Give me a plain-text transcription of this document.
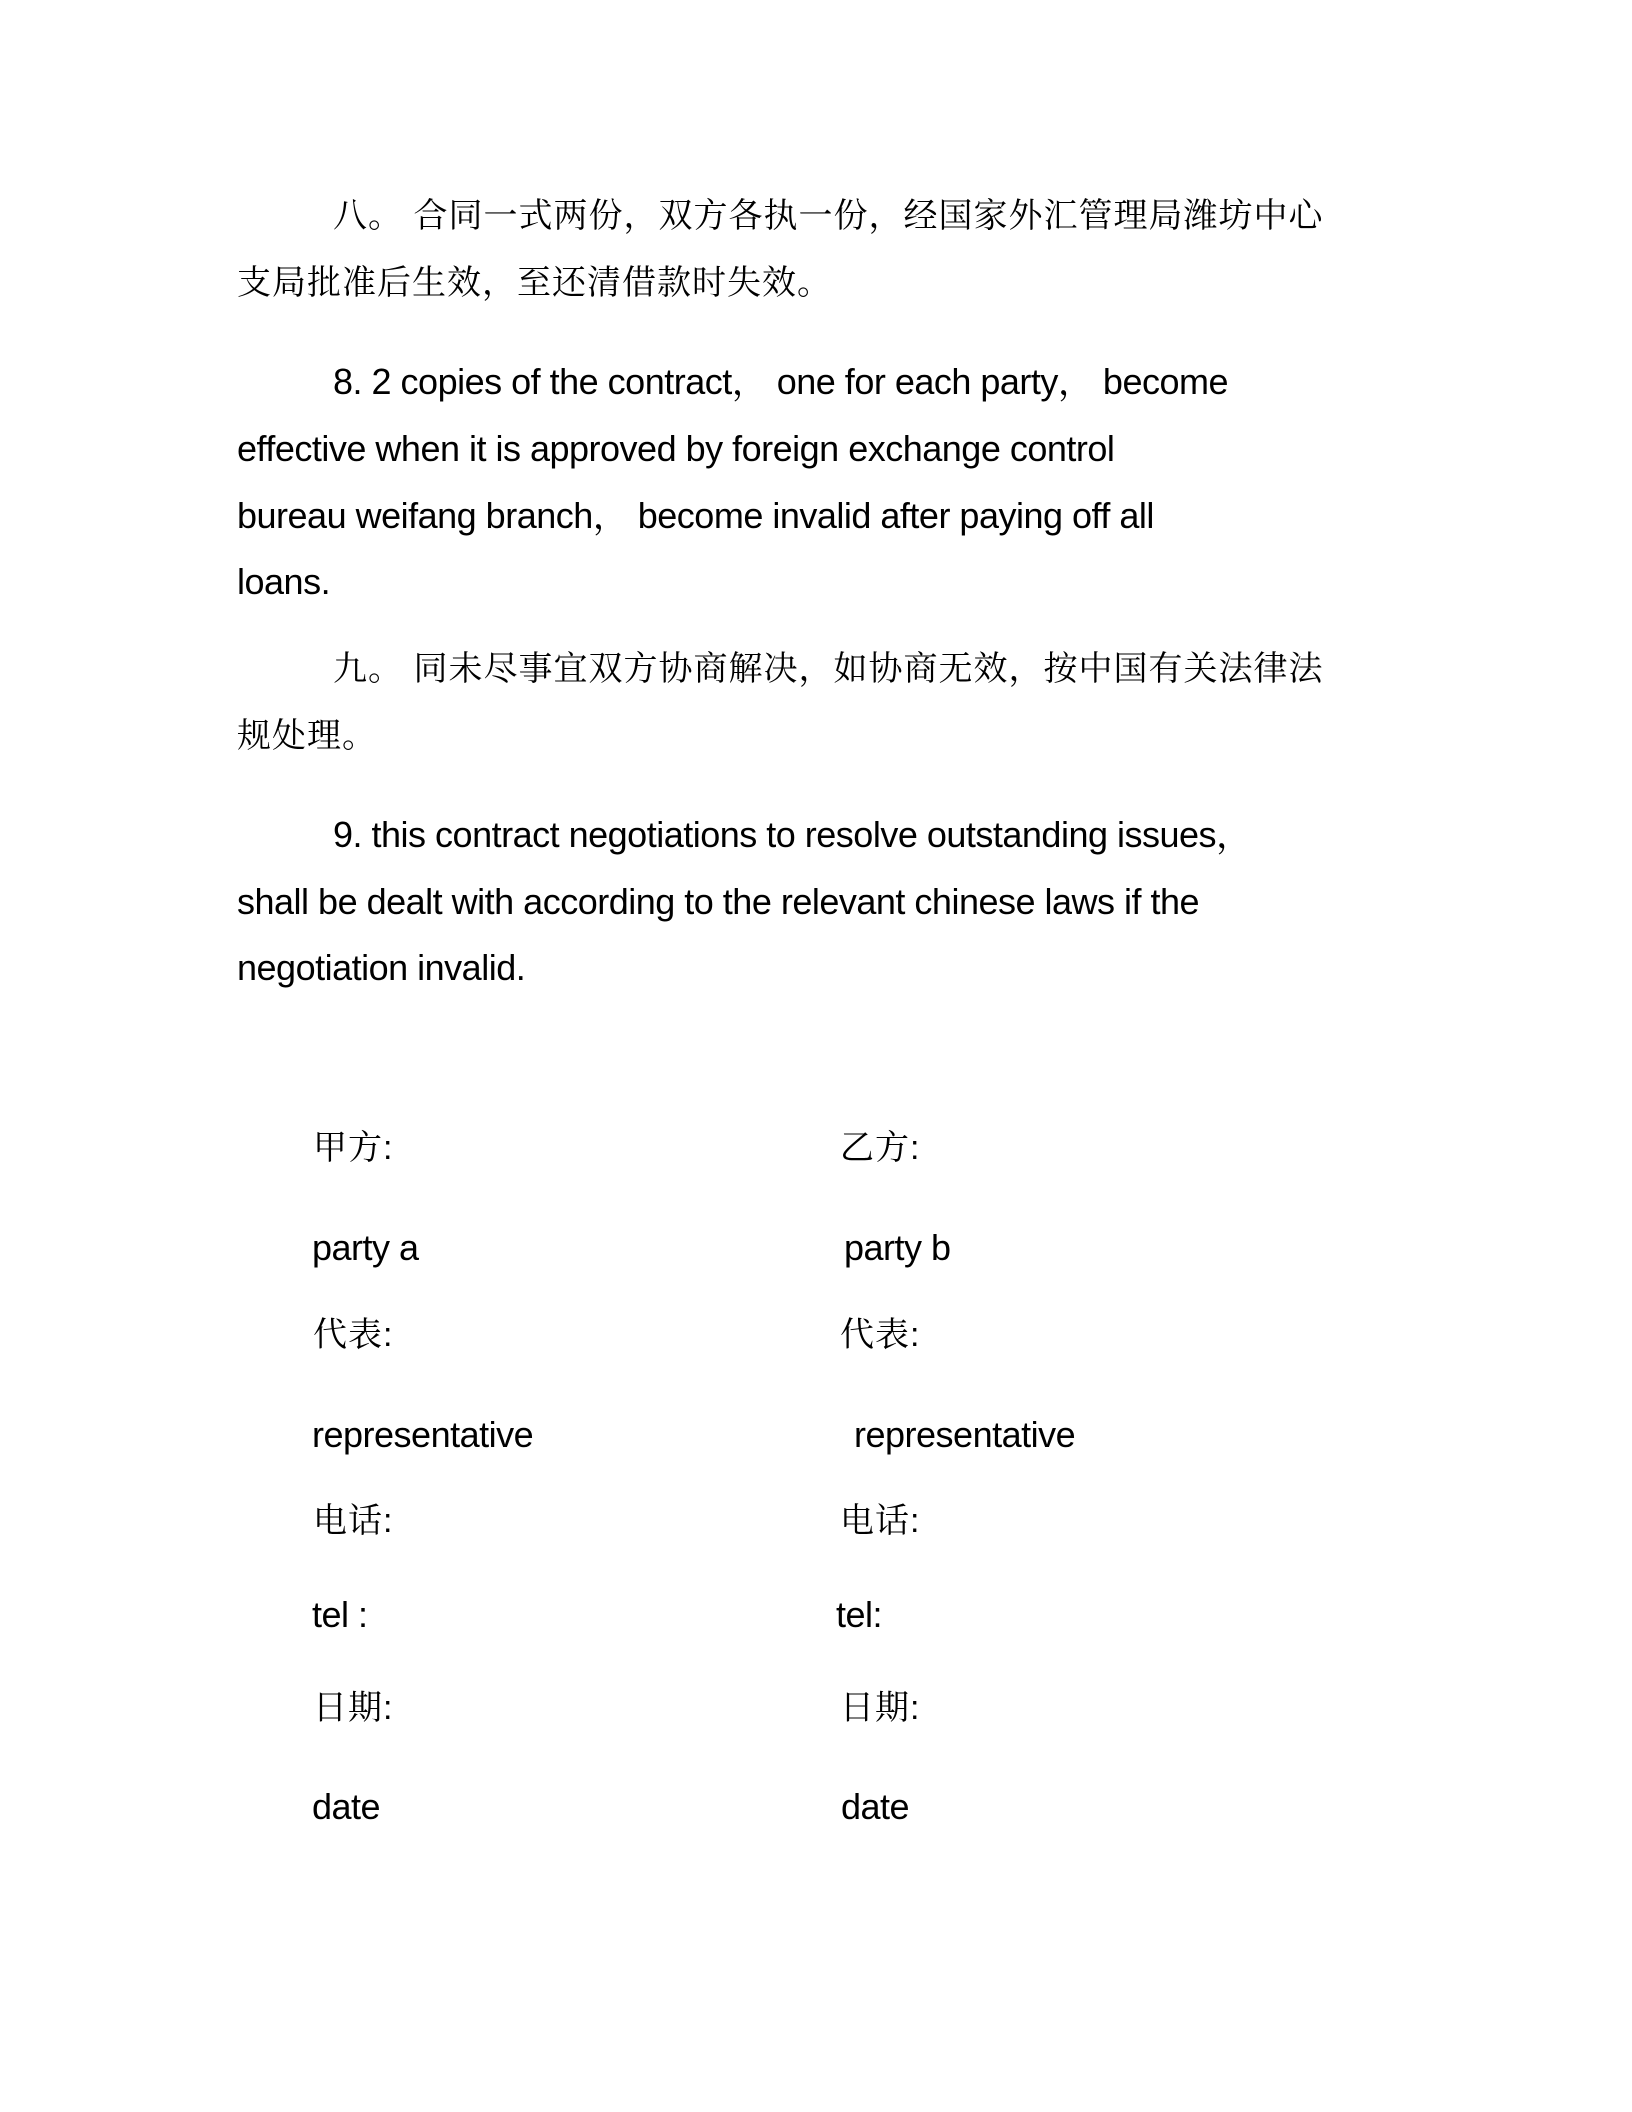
八。 合同一式两份，双方各执一份，经国家外汇管理局潍坊中心
支局批准后生效，至还清借款时失效。
8. 2 copies of the contract， one for each party， become
effective when it is approved by foreign exchange control
bureau weifang branch， become invalid after paying off all
loans.
九。 同未尽事宜双方协商解决，如协商无效，按中国有关法律法
规处理。
9. this contract negotiations to resolve outstanding issues，
shall be dealt with according to the relevant chinese laws if the
negotiation invalid.
甲方:
party a
代表:
representative
电话:
tel :
日期:
date
乙方:
party b
代表:
representative
电话:
tel:
日期:
date
